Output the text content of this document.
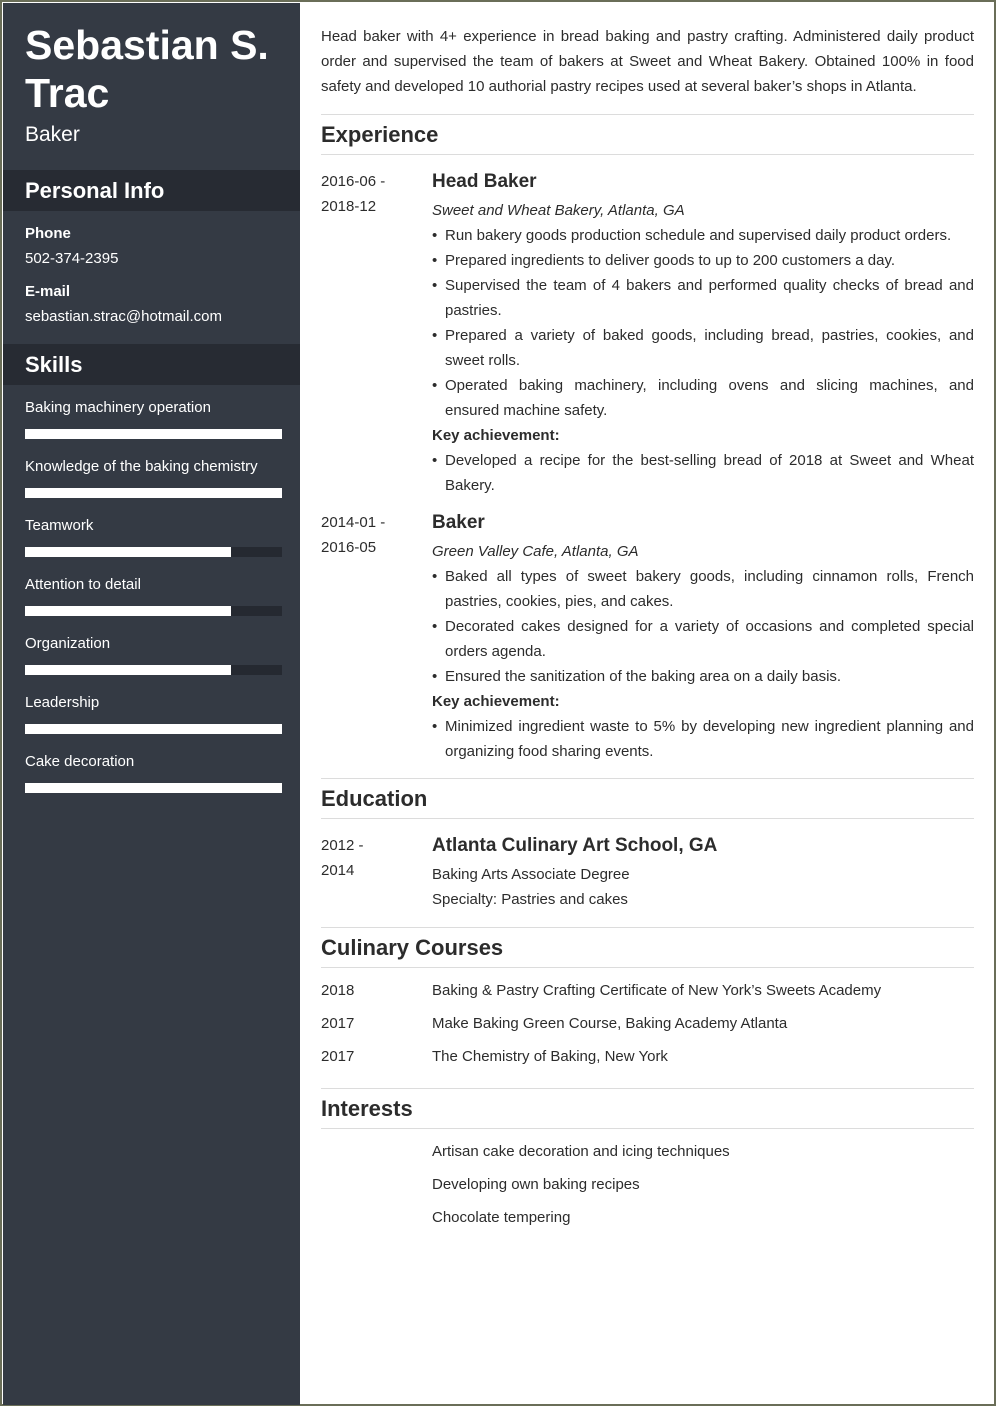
Sebastian S. Trac
Baker
Personal Info
Phone
502-374-2395
E-mail
sebastian.strac@hotmail.com
Skills
Baking machinery operation
Knowledge of the baking chemistry
Teamwork
Attention to detail
Organization
Leadership
Cake decoration
Head baker with 4+ experience in bread baking and pastry crafting. Administered daily product order and supervised the team of bakers at Sweet and Wheat Bakery. Obtained 100% in food safety and developed 10 authorial pastry recipes used at several baker’s shops in Atlanta.
Experience
2016-06 -
2018-12
Head Baker
Sweet and Wheat Bakery, Atlanta, GA
• Run bakery goods production schedule and supervised daily product orders.
• Prepared ingredients to deliver goods to up to 200 customers a day.
• Supervised the team of 4 bakers and performed quality checks of bread and pastries.
• Prepared a variety of baked goods, including bread, pastries, cookies, and sweet rolls.
• Operated baking machinery, including ovens and slicing machines, and ensured machine safety.
Key achievement:
• Developed a recipe for the best-selling bread of 2018 at Sweet and Wheat Bakery.
2014-01 -
2016-05
Baker
Green Valley Cafe, Atlanta, GA
• Baked all types of sweet bakery goods, including cinnamon rolls, French pastries, cookies, pies, and cakes.
• Decorated cakes designed for a variety of occasions and completed special orders agenda.
• Ensured the sanitization of the baking area on a daily basis.
Key achievement:
• Minimized ingredient waste to 5% by developing new ingredient planning and organizing food sharing events.
Education
2012 -
2014
Atlanta Culinary Art School, GA
Baking Arts Associate Degree
Specialty: Pastries and cakes
Culinary Courses
2018	Baking & Pastry Crafting Certificate of New York’s Sweets Academy
2017	Make Baking Green Course, Baking Academy Atlanta
2017	The Chemistry of Baking, New York
Interests
Artisan cake decoration and icing techniques
Developing own baking recipes
Chocolate tempering
